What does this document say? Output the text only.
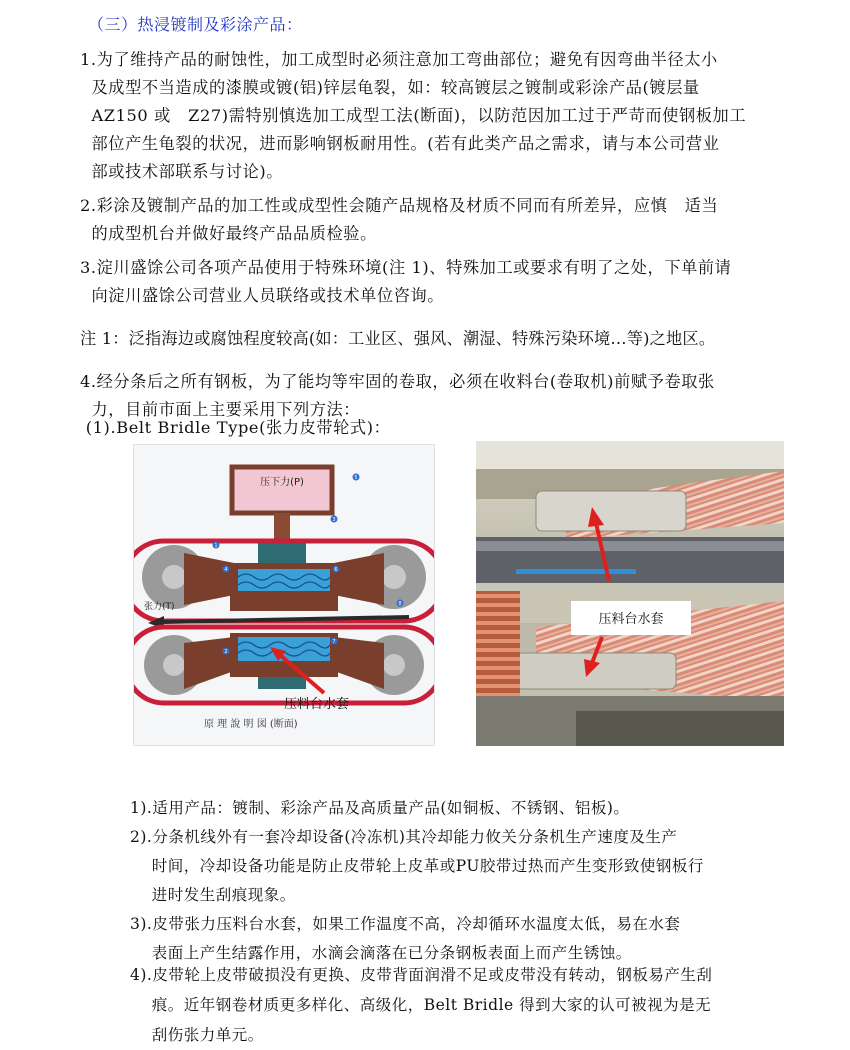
（三）热浸镀制及彩涂产品：
1.为了维持产品的耐蚀性，加工成型时必须注意加工弯曲部位；避免有因弯曲半径太小
及成型不当造成的漆膜或镀(铝)锌层龟裂，如：较高镀层之镀制或彩涂产品(镀层量
AZ150 或   Z27)需特别慎选加工成型工法(断面)，以防范因加工过于严苛而使钢板加工
部位产生龟裂的状况，进而影响钢板耐用性。(若有此类产品之需求，请与本公司营业
部或技术部联系与讨论)。
2.彩涂及镀制产品的加工性或成型性会随产品规格及材质不同而有所差异，应慎   适当
的成型机台并做好最终产品品质检验。
3.淀川盛馀公司各项产品使用于特殊环境(注 1)、特殊加工或要求有明了之处，下单前请
向淀川盛馀公司营业人员联络或技术单位咨询。
注 1：泛指海边或腐蚀程度较高(如：工业区、强风、潮湿、特殊污染环境…等)之地区。
4.经分条后之所有钢板，为了能均等牢固的卷取，必须在收料台(卷取机)前赋予卷取张
力，目前市面上主要采用下列方法：
(1).Belt Bridle Type(张力皮带轮式)：
压下力(P)
张力(T)
5
3
1
4	6
8
2
7
压料台水套
原 理 說 明 図 (断面)
压料台水套
1).适用产品：镀制、彩涂产品及高质量产品(如铜板、不锈钢、铝板)。
2).分条机线外有一套冷却设备(冷冻机)其冷却能力攸关分条机生产速度及生产
时间，冷却设备功能是防止皮带轮上皮革或PU胶带过热而产生变形致使钢板行
进时发生刮痕现象。
3).皮带张力压料台水套，如果工作温度不高，冷却循环水温度太低，易在水套
表面上产生结露作用，水滴会滴落在已分条钢板表面上而产生锈蚀。
4).皮带轮上皮带破损没有更换、皮带背面润滑不足或皮带没有转动，钢板易产生刮
痕。近年钢卷材质更多样化、高级化，Belt Bridle 得到大家的认可被视为是无
刮伤张力单元。
